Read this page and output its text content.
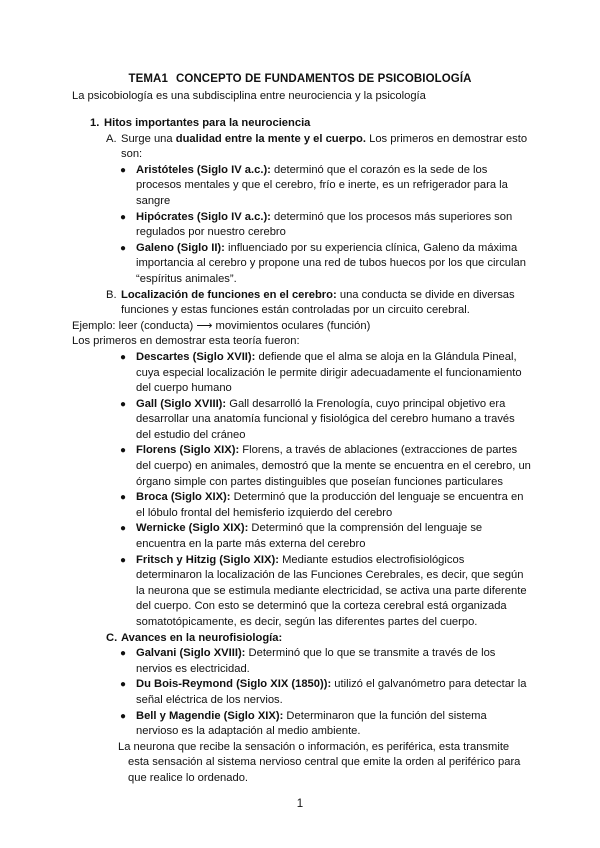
TEMA1 CONCEPTO DE FUNDAMENTOS DE PSICOBIOLOGÍA
La psicobiología es una subdisciplina entre neurociencia y la psicología
1. Hitos importantes para la neurociencia
A. Surge una dualidad entre la mente y el cuerpo. Los primeros en demostrar esto son:
● Aristóteles (Siglo IV a.c.): determinó que el corazón es la sede de los procesos mentales y que el cerebro, frío e inerte, es un refrigerador para la sangre
● Hipócrates (Siglo IV a.c.): determinó que los procesos más superiores son regulados por nuestro cerebro
● Galeno (Siglo II): influenciado por su experiencia clínica, Galeno da máxima importancia al cerebro y propone una red de tubos huecos por los que circulan “espíritus animales”.
B. Localización de funciones en el cerebro: una conducta se divide en diversas funciones y estas funciones están controladas por un circuito cerebral.
Ejemplo: leer (conducta) ⟶ movimientos oculares (función)
Los primeros en demostrar esta teoría fueron:
● Descartes (Siglo XVII): defiende que el alma se aloja en la Glándula Pineal, cuya especial localización le permite dirigir adecuadamente el funcionamiento del cuerpo humano
● Gall (Siglo XVIII): Gall desarrolló la Frenología, cuyo principal objetivo era desarrollar una anatomía funcional y fisiológica del cerebro humano a través del estudio del cráneo
● Florens (Siglo XIX): Florens, a través de ablaciones (extracciones de partes del cuerpo) en animales, demostró que la mente se encuentra en el cerebro, un órgano simple con partes distinguibles que poseían funciones particulares
● Broca (Siglo XIX): Determinó que la producción del lenguaje se encuentra en el lóbulo frontal del hemisferio izquierdo del cerebro
● Wernicke (Siglo XIX): Determinó que la comprensión del lenguaje se encuentra en la parte más externa del cerebro
● Fritsch y Hitzig (Siglo XIX): Mediante estudios electrofisiológicos determinaron la localización de las Funciones Cerebrales, es decir, que según la neurona que se estimula mediante electricidad, se activa una parte diferente del cuerpo. Con esto se determinó que la corteza cerebral está organizada somatotópicamente, es decir, según las diferentes partes del cuerpo.
C. Avances en la neurofisiología:
● Galvani (Siglo XVIII): Determinó que lo que se transmite a través de los nervios es electricidad.
● Du Bois-Reymond (Siglo XIX (1850)): utilizó el galvanómetro para detectar la señal eléctrica de los nervios.
● Bell y Magendie (Siglo XIX): Determinaron que la función del sistema nervioso es la adaptación al medio ambiente.
La neurona que recibe la sensación o información, es periférica, esta transmite esta sensación al sistema nervioso central que emite la orden al periférico para que realice lo ordenado.
1
